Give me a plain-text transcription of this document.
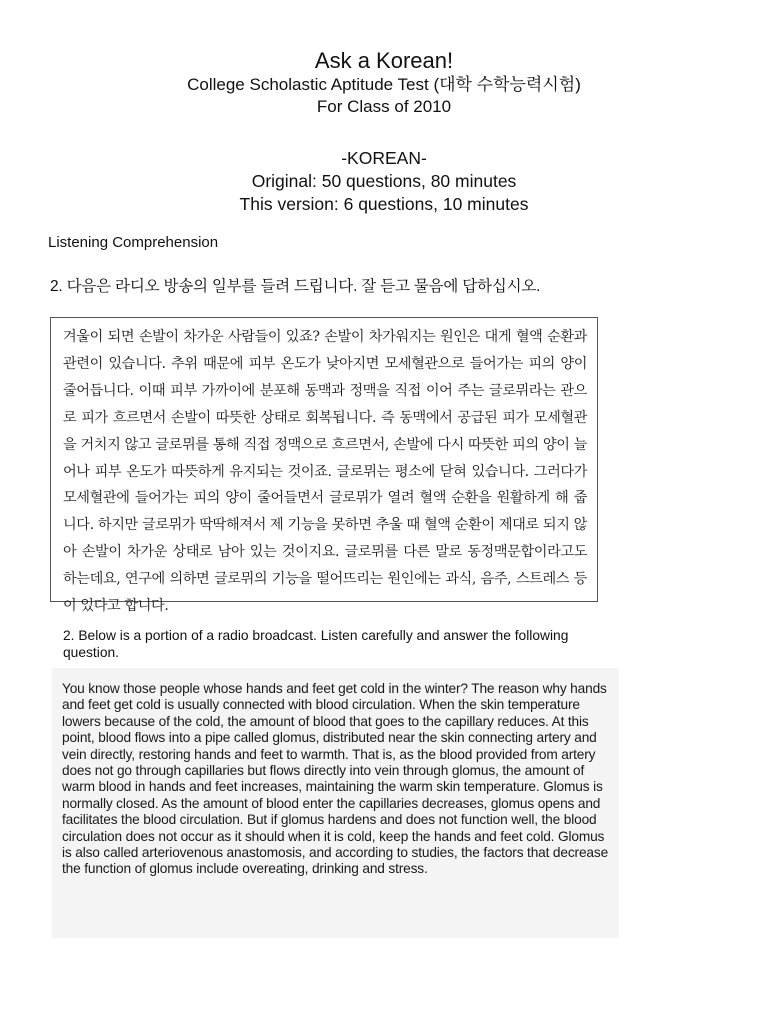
Ask a Korean!
College Scholastic Aptitude Test (대학 수학능력시험)
For Class of 2010
-KOREAN-
Original: 50 questions, 80 minutes
This version: 6 questions, 10 minutes
Listening Comprehension
2. 다음은 라디오 방송의 일부를 들려 드립니다. 잘 듣고 물음에 답하십시오.
겨울이 되면 손발이 차가운 사람들이 있죠? 손발이 차가워지는 원인은 대게 혈액 순환과 관련이 있습니다. 추위 때문에 피부 온도가 낮아지면 모세혈관으로 들어가는 피의 양이 줄어듭니다. 이때 피부 가까이에 분포해 동맥과 정맥을 직접 이어 주는 글로뮈라는 관으로 피가 흐르면서 손발이 따뜻한 상태로 회복됩니다. 즉 동맥에서 공급된 피가 모세혈관을 거치지 않고 글로뮈를 통해 직접 정맥으로 흐르면서, 손발에 다시 따뜻한 피의 양이 늘어나 피부 온도가 따뜻하게 유지되는 것이죠. 글로뮈는 평소에 닫혀 있습니다. 그러다가 모세혈관에 들어가는 피의 양이 줄어들면서 글로뮈가 열려 혈액 순환을 원활하게 해 줍니다. 하지만 글로뮈가 딱딱해져서 제 기능을 못하면 추울 때 혈액 순환이 제대로 되지 않아 손발이 차가운 상태로 남아 있는 것이지요. 글로뮈를 다른 말로 동정맥문합이라고도 하는데요, 연구에 의하면 글로뮈의 기능을 떨어뜨리는 원인에는 과식, 음주, 스트레스 등이 있다고 합니다.
2. Below is a portion of a radio broadcast. Listen carefully and answer the following question.
You know those people whose hands and feet get cold in the winter? The reason why hands and feet get cold is usually connected with blood circulation. When the skin temperature lowers because of the cold, the amount of blood that goes to the capillary reduces. At this point, blood flows into a pipe called glomus, distributed near the skin connecting artery and vein directly, restoring hands and feet to warmth. That is, as the blood provided from artery does not go through capillaries but flows directly into vein through glomus, the amount of warm blood in hands and feet increases, maintaining the warm skin temperature. Glomus is normally closed. As the amount of blood enter the capillaries decreases, glomus opens and facilitates the blood circulation. But if glomus hardens and does not function well, the blood circulation does not occur as it should when it is cold, keep the hands and feet cold. Glomus is also called arteriovenous anastomosis, and according to studies, the factors that decrease the function of glomus include overeating, drinking and stress.
